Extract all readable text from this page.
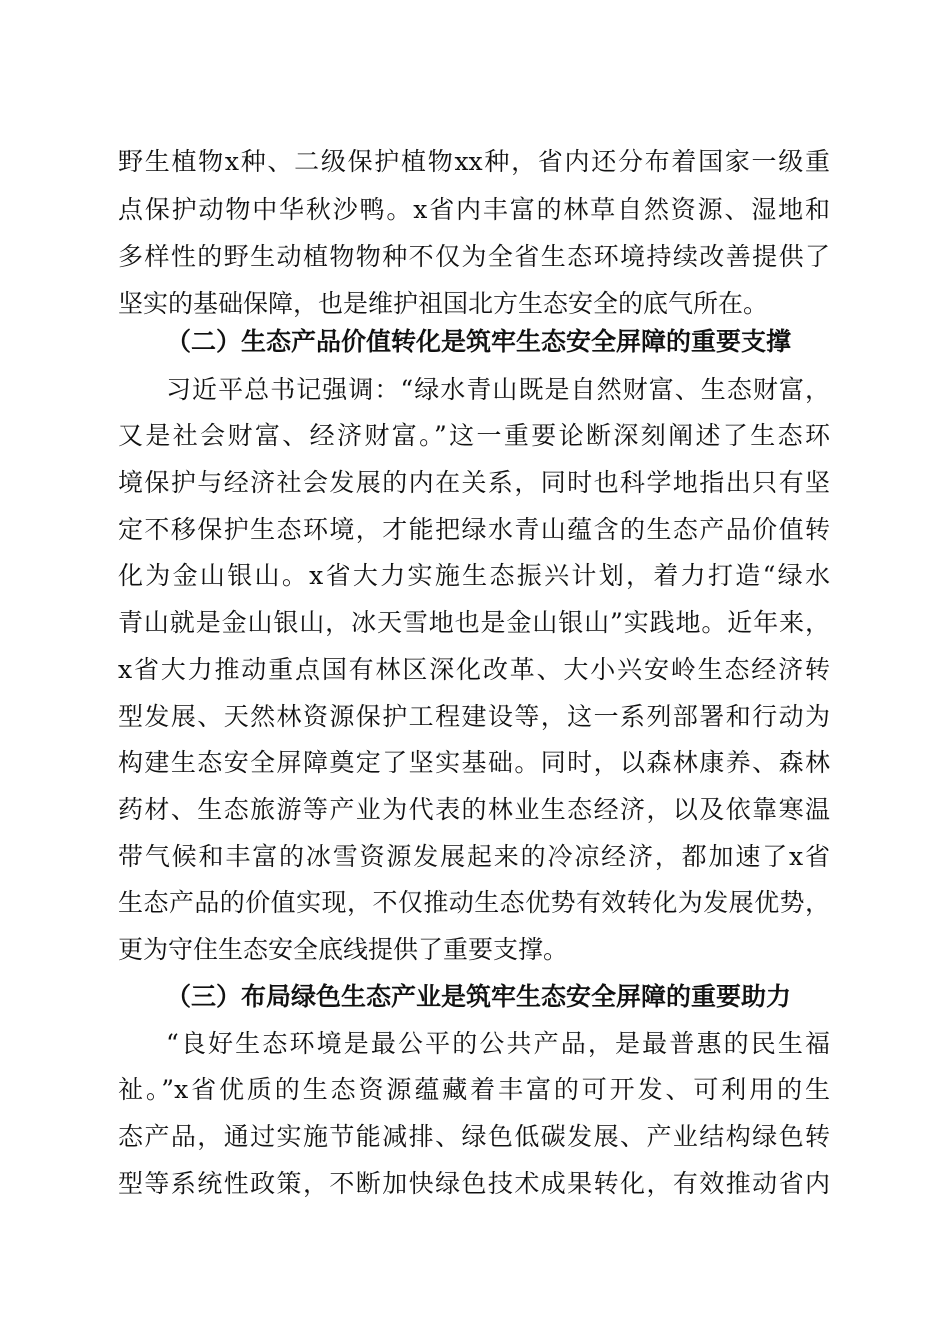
野生植物x种、二级保护植物xx种，省内还分布着国家一级重
点保护动物中华秋沙鸭。x省内丰富的林草自然资源、湿地和
多样性的野生动植物物种不仅为全省生态环境持续改善提供了
坚实的基础保障，也是维护祖国北方生态安全的底气所在。
（二）生态产品价值转化是筑牢生态安全屏障的重要支撑
习近平总书记强调：“绿水青山既是自然财富、生态财富，
又是社会财富、经济财富。”这一重要论断深刻阐述了生态环
境保护与经济社会发展的内在关系，同时也科学地指出只有坚
定不移保护生态环境，才能把绿水青山蕴含的生态产品价值转
化为金山银山。x省大力实施生态振兴计划，着力打造“绿水
青山就是金山银山，冰天雪地也是金山银山”实践地。近年来，
x省大力推动重点国有林区深化改革、大小兴安岭生态经济转
型发展、天然林资源保护工程建设等，这一系列部署和行动为
构建生态安全屏障奠定了坚实基础。同时，以森林康养、森林
药材、生态旅游等产业为代表的林业生态经济，以及依靠寒温
带气候和丰富的冰雪资源发展起来的冷凉经济，都加速了x省
生态产品的价值实现，不仅推动生态优势有效转化为发展优势，
更为守住生态安全底线提供了重要支撑。
（三）布局绿色生态产业是筑牢生态安全屏障的重要助力
“良好生态环境是最公平的公共产品，是最普惠的民生福
祉。”x省优质的生态资源蕴藏着丰富的可开发、可利用的生
态产品，通过实施节能减排、绿色低碳发展、产业结构绿色转
型等系统性政策，不断加快绿色技术成果转化，有效推动省内
